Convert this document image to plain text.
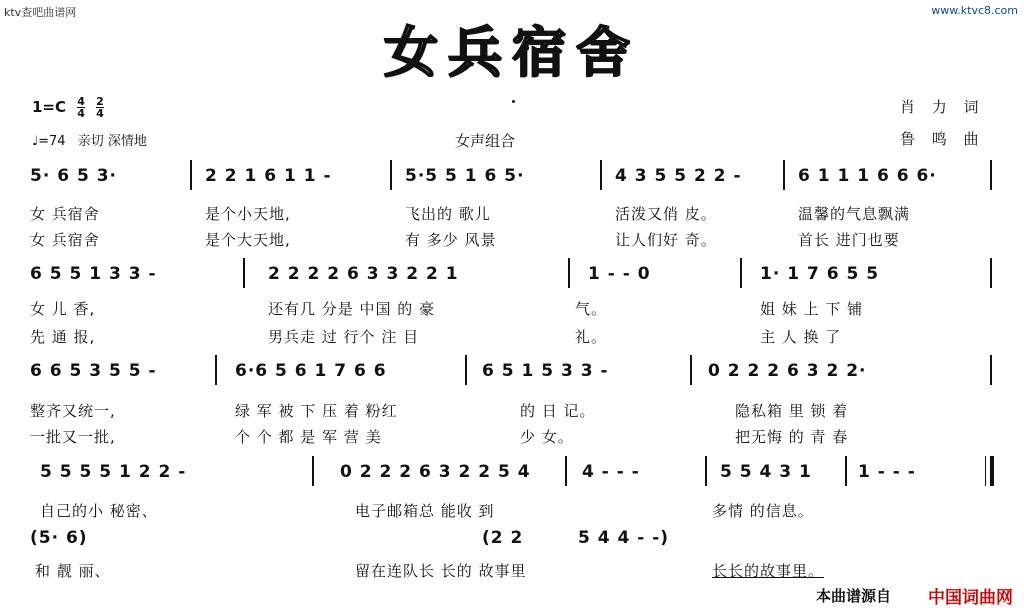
ktv查吧曲谱网	www.ktvc8.com
女兵宿舍
$1=C \frac{4}{4}$
$\frac{2}{4}$
♩=74 亲切 深情地	女声组合
肖 力 词
鲁 鸣 曲
5· 6 5 3·	2 2 1 6 1 1 -	5·5 5 1 6 5·	4 3 5 5 2 2 -	6 1 1 1 6 6 6·
女 兵宿舍	是个小天地,	飞出的 歌儿	活泼又俏 皮。	温馨的气息飘满
女 兵宿舍	是个大天地,	有 多少 风景	让人们好 奇。	首长 进门也要
6 5 5 1 3 3 -	2 2 2 2 6 3 3 2 2 1	1 - - 0	1· 1 7 6 5 5
女 儿 香,	还有几 分是 中国 的 豪	气。	姐 妹 上 下 铺
先 通 报,	男兵走 过 行个 注 目	礼。	主 人 换 了
6 6 5 3 5 5 -	6·6 5 6 1 7 6 6	6 5 1 5 3 3 -	0 2 2 2 6 3 2 2·
整齐又统一,	绿 军 被 下 压 着 粉红	的 日 记。	隐私箱 里 锁 着
一批又一批,	个 个 都 是 军 营 美	少 女。	把无悔 的 青 春
5 5 5 5 1 2 2 -	0 2 2 2 6 3 2 2 5 4	4 - - -	5 5 4 3 1	1 - - -
自己的小 秘密、	电子邮箱总 能收 到	多情 的信息。
(5· 6)	(2 2	5 4 4 - -)
和 靓 丽、	留在连队长 长的 故事里	长长的故事里。
本曲谱源自 中国词曲网
